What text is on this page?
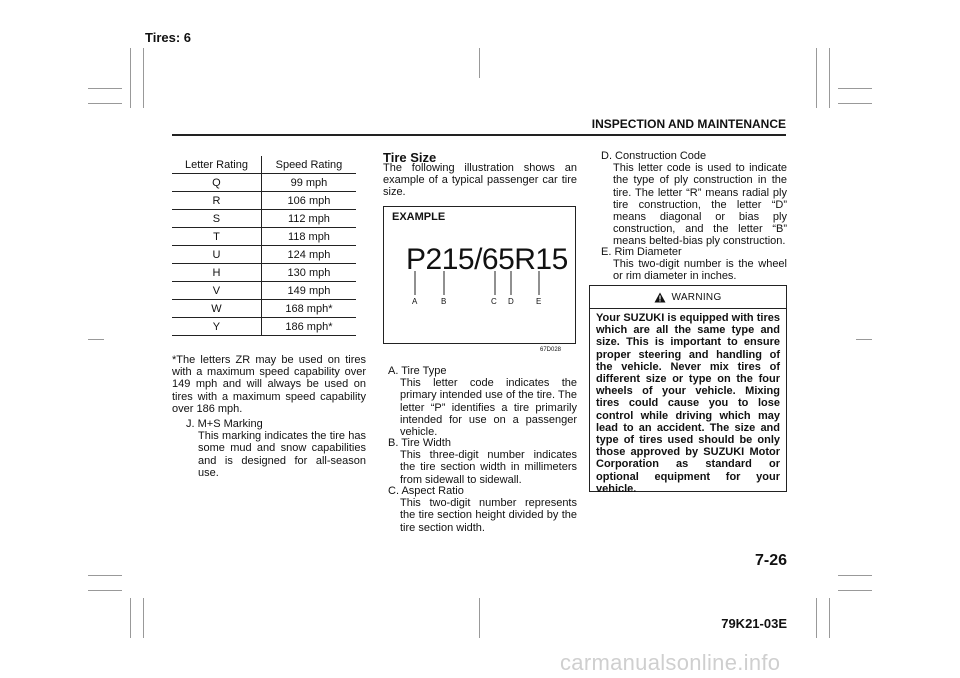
Tires: 6
INSPECTION AND MAINTENANCE
Letter Rating	Speed Rating
Q	99 mph
R	106 mph
S	112 mph
T	118 mph
U	124 mph
H	130 mph
V	149 mph
W	168 mph*
Y	186 mph*
*The letters ZR may be used on tires with a maximum speed capability over 149 mph and will always be used on tires with a maximum speed capability over 186 mph.
J. M+S Marking
This marking indicates the tire has some mud and snow capabilities and is designed for all-season use.
Tire Size
The following illustration shows an example of a typical passenger car tire size.
EXAMPLE
P215/65R15
A	B	C D	E
67D028
A. Tire Type
This letter code indicates the primary intended use of the tire. The letter “P” identifies a tire primarily intended for use on a passenger vehicle.
B. Tire Width
This three-digit number indicates the tire section width in millimeters from sidewall to sidewall.
C. Aspect Ratio
This two-digit number represents the tire section height divided by the tire section width.
D. Construction Code
This letter code is used to indicate the type of ply construction in the tire. The letter “R” means radial ply tire construction, the letter “D” means diagonal or bias ply construction, and the letter “B” means belted-bias ply construction.
E. Rim Diameter
This two-digit number is the wheel or rim diameter in inches.
WARNING
Your SUZUKI is equipped with tires which are all the same type and size. This is important to ensure proper steering and handling of the vehicle. Never mix tires of different size or type on the four wheels of your vehicle. Mixing tires could cause you to lose control while driving which may lead to an accident. The size and type of tires used should be only those approved by SUZUKI Motor Corporation as standard or optional equipment for your vehicle.
7-26
79K21-03E
carmanualsonline.info
